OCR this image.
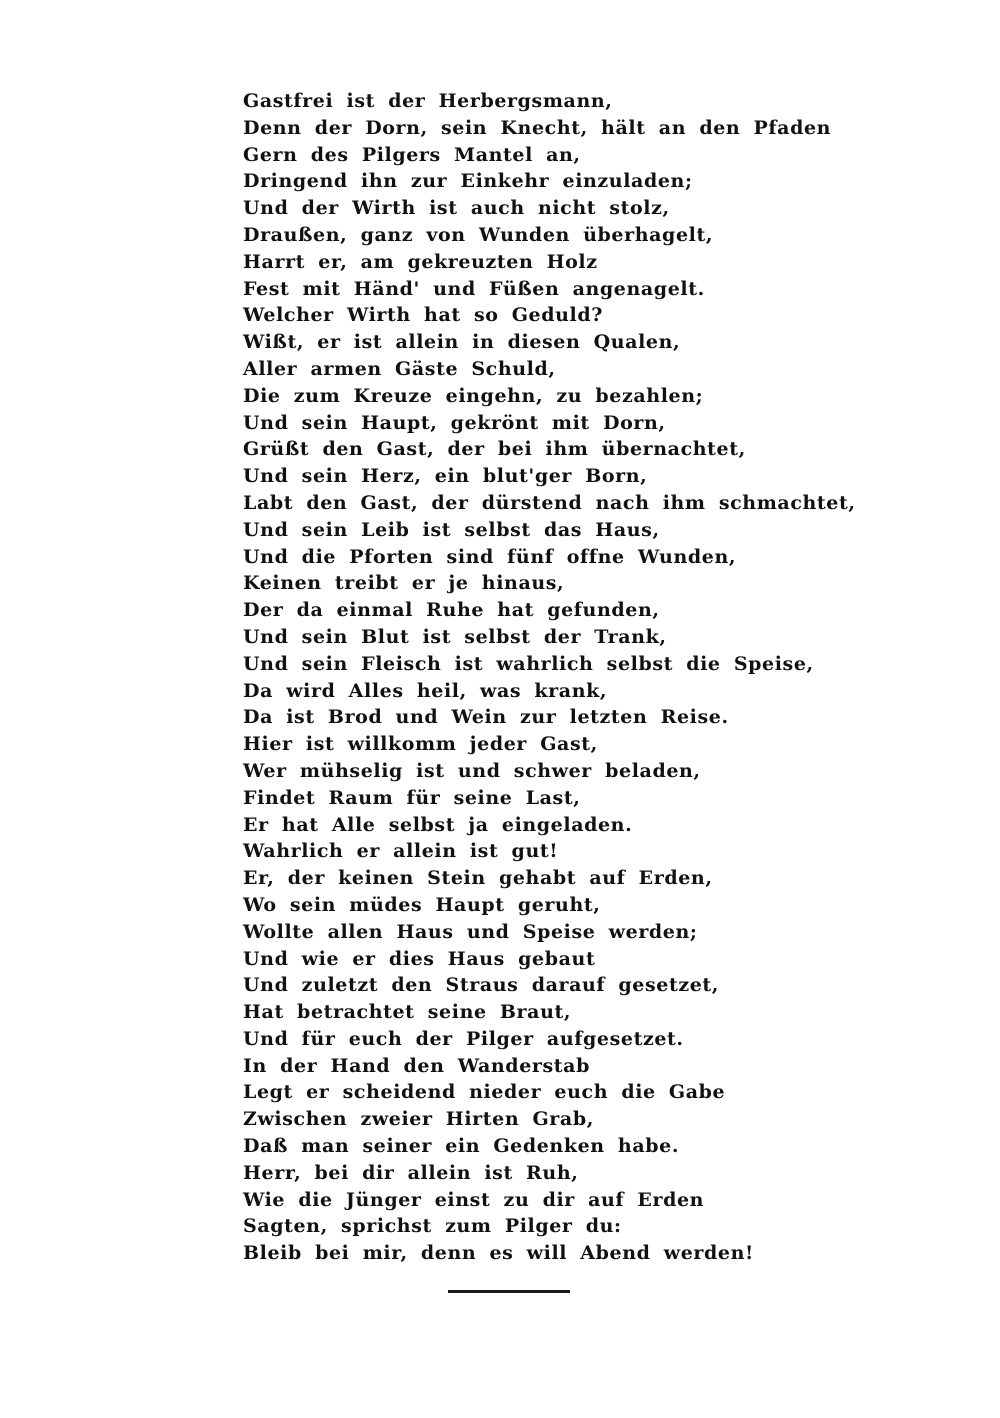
Gastfrei ist der Herbergsmann,
Denn der Dorn, sein Knecht, hält an den Pfaden
Gern des Pilgers Mantel an,
Dringend ihn zur Einkehr einzuladen;
Und der Wirth ist auch nicht stolz,
Draußen, ganz von Wunden überhagelt,
Harrt er, am gekreuzten Holz
Fest mit Händ' und Füßen angenagelt.
Welcher Wirth hat so Geduld?
Wißt, er ist allein in diesen Qualen,
Aller armen Gäste Schuld,
Die zum Kreuze eingehn, zu bezahlen;
Und sein Haupt, gekrönt mit Dorn,
Grüßt den Gast, der bei ihm übernachtet,
Und sein Herz, ein blut'ger Born,
Labt den Gast, der dürstend nach ihm schmachtet,
Und sein Leib ist selbst das Haus,
Und die Pforten sind fünf offne Wunden,
Keinen treibt er je hinaus,
Der da einmal Ruhe hat gefunden,
Und sein Blut ist selbst der Trank,
Und sein Fleisch ist wahrlich selbst die Speise,
Da wird Alles heil, was krank,
Da ist Brod und Wein zur letzten Reise.
Hier ist willkomm jeder Gast,
Wer mühselig ist und schwer beladen,
Findet Raum für seine Last,
Er hat Alle selbst ja eingeladen.
Wahrlich er allein ist gut!
Er, der keinen Stein gehabt auf Erden,
Wo sein müdes Haupt geruht,
Wollte allen Haus und Speise werden;
Und wie er dies Haus gebaut
Und zuletzt den Straus darauf gesetzet,
Hat betrachtet seine Braut,
Und für euch der Pilger aufgesetzet.
In der Hand den Wanderstab
Legt er scheidend nieder euch die Gabe
Zwischen zweier Hirten Grab,
Daß man seiner ein Gedenken habe.
Herr, bei dir allein ist Ruh,
Wie die Jünger einst zu dir auf Erden
Sagten, sprichst zum Pilger du:
Bleib bei mir, denn es will Abend werden!
